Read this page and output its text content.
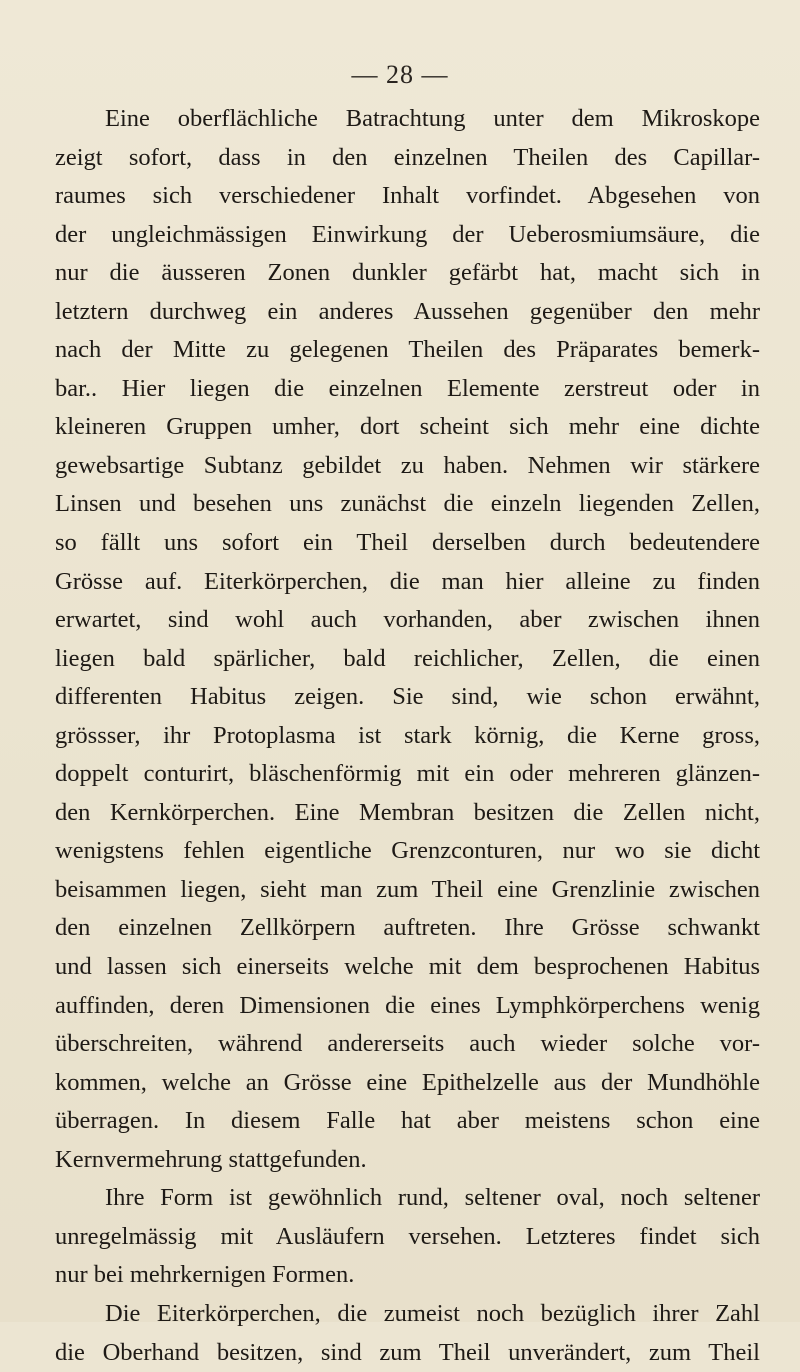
— 28 —
Eine oberflächliche Batrachtung unter dem Mikroskope
zeigt sofort, dass in den einzelnen Theilen des Capillar-
raumes sich verschiedener Inhalt vorfindet. Abgesehen von
der ungleichmässigen Einwirkung der Ueberosmiumsäure, die
nur die äusseren Zonen dunkler gefärbt hat, macht sich in
letztern durchweg ein anderes Aussehen gegenüber den mehr
nach der Mitte zu gelegenen Theilen des Präparates bemerk-
bar.. Hier liegen die einzelnen Elemente zerstreut oder in
kleineren Gruppen umher, dort scheint sich mehr eine dichte
gewebsartige Subtanz gebildet zu haben. Nehmen wir stärkere
Linsen und besehen uns zunächst die einzeln liegenden Zellen,
so fällt uns sofort ein Theil derselben durch bedeutendere
Grösse auf. Eiterkörperchen, die man hier alleine zu finden
erwartet, sind wohl auch vorhanden, aber zwischen ihnen
liegen bald spärlicher, bald reichlicher, Zellen, die einen
differenten Habitus zeigen. Sie sind, wie schon erwähnt,
grössser, ihr Protoplasma ist stark körnig, die Kerne gross,
doppelt conturirt, bläschenförmig mit ein oder mehreren glänzen-
den Kernkörperchen. Eine Membran besitzen die Zellen nicht,
wenigstens fehlen eigentliche Grenzconturen, nur wo sie dicht
beisammen liegen, sieht man zum Theil eine Grenzlinie zwischen
den einzelnen Zellkörpern auftreten. Ihre Grösse schwankt
und lassen sich einerseits welche mit dem besprochenen Habitus
auffinden, deren Dimensionen die eines Lymphkörperchens wenig
überschreiten, während andererseits auch wieder solche vor-
kommen, welche an Grösse eine Epithelzelle aus der Mundhöhle
überragen. In diesem Falle hat aber meistens schon eine
Kernvermehrung stattgefunden.
Ihre Form ist gewöhnlich rund, seltener oval, noch seltener
unregelmässig mit Ausläufern versehen. Letzteres findet sich
nur bei mehrkernigen Formen.
Die Eiterkörperchen, die zumeist noch bezüglich ihrer Zahl
die Oberhand besitzen, sind zum Theil unverändert, zum Theil
